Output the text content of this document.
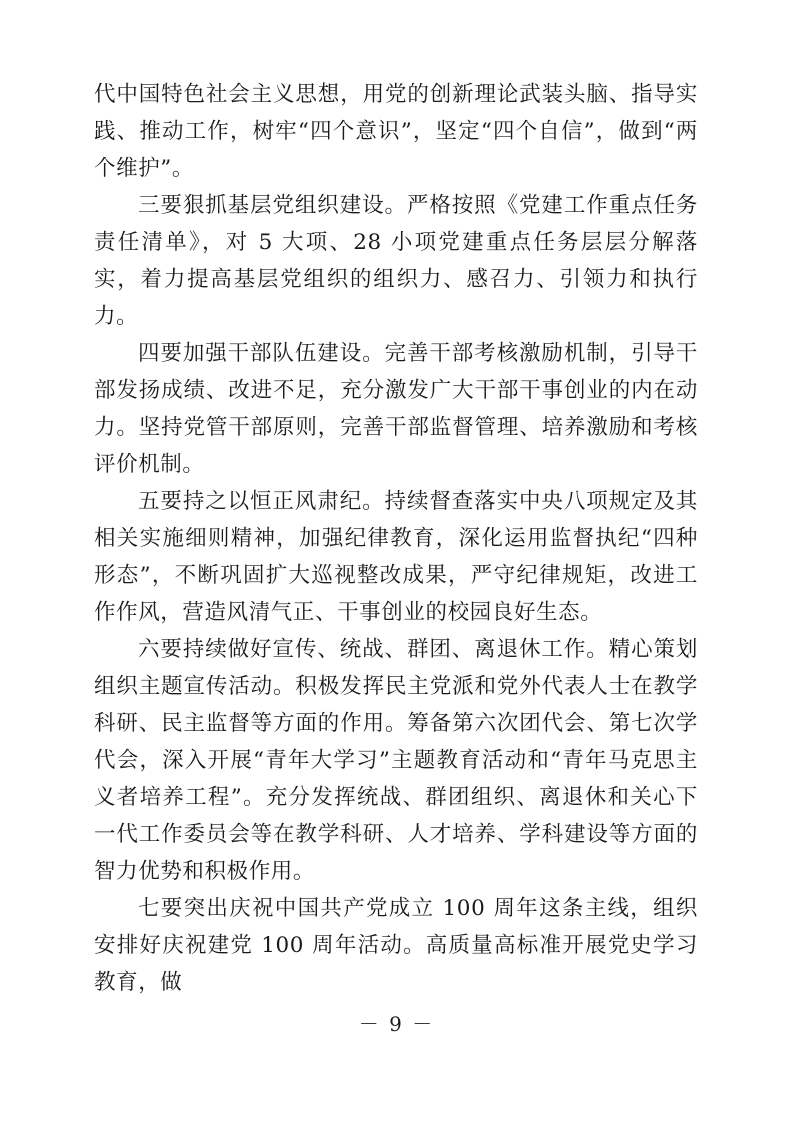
代中国特色社会主义思想，用党的创新理论武装头脑、指导实践、推动工作，树牢“四个意识”，坚定“四个自信”，做到“两个维护”。

三要狠抓基层党组织建设。严格按照《党建工作重点任务责任清单》，对 5 大项、28 小项党建重点任务层层分解落实，着力提高基层党组织的组织力、感召力、引领力和执行力。

四要加强干部队伍建设。完善干部考核激励机制，引导干部发扬成绩、改进不足，充分激发广大干部干事创业的内在动力。坚持党管干部原则，完善干部监督管理、培养激励和考核评价机制。

五要持之以恒正风肃纪。持续督查落实中央八项规定及其相关实施细则精神，加强纪律教育，深化运用监督执纪“四种形态”，不断巩固扩大巡视整改成果，严守纪律规矩，改进工作作风，营造风清气正、干事创业的校园良好生态。

六要持续做好宣传、统战、群团、离退休工作。精心策划组织主题宣传活动。积极发挥民主党派和党外代表人士在教学科研、民主监督等方面的作用。筹备第六次团代会、第七次学代会，深入开展“青年大学习”主题教育活动和“青年马克思主义者培养工程”。充分发挥统战、群团组织、离退休和关心下一代工作委员会等在教学科研、人才培养、学科建设等方面的智力优势和积极作用。

七要突出庆祝中国共产党成立 100 周年这条主线，组织安排好庆祝建党 100 周年活动。高质量高标准开展党史学习教育，做

－ 9 －
